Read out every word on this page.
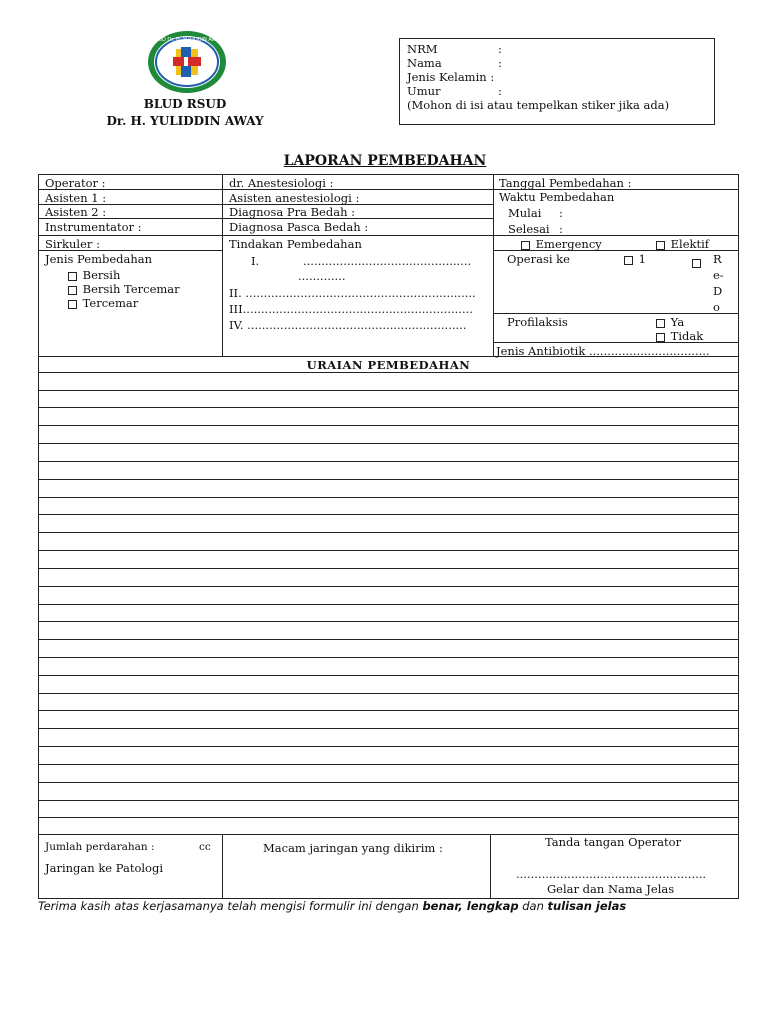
RSUD Dr. H. YULIDDIN AWAY
BLUD RSUD
Dr. H. YULIDDIN AWAY
NRM	:
Nama	:
Jenis Kelamin :
Umur	:
(Mohon di isi atau tempelkan stiker jika ada)
LAPORAN PEMBEDAHAN
Operator :
Asisten 1 :
Asisten 2 :
Instrumentator :
Sirkuler :
Jenis Pembedahan
Bersih
Bersih Tercemar
Tercemar
dr. Anestesiologi :
Asisten anestesiologi :
Diagnosa Pra Bedah :
Diagnosa Pasca Bedah :
Tindakan Pembedahan
I.	..............................................
.............
II. ...............................................................
III...............................................................
IV. ............................................................
Tanggal Pembedahan :
Waktu Pembedahan
Mulai :
Selesai :
Emergency	Elektif
Operasi ke	1	R
e-
D
o
Profilaksis	Ya
Tidak
Jenis Antibiotik .................................
URAIAN PEMBEDAHAN
Jumlah perdarahan :	cc
Jaringan ke Patologi
Macam jaringan yang dikirim :	Tanda tangan Operator
....................................................
Gelar dan Nama Jelas
Terima kasih atas kerjasamanya telah mengisi formulir ini dengan benar, lengkap dan tulisan jelas
